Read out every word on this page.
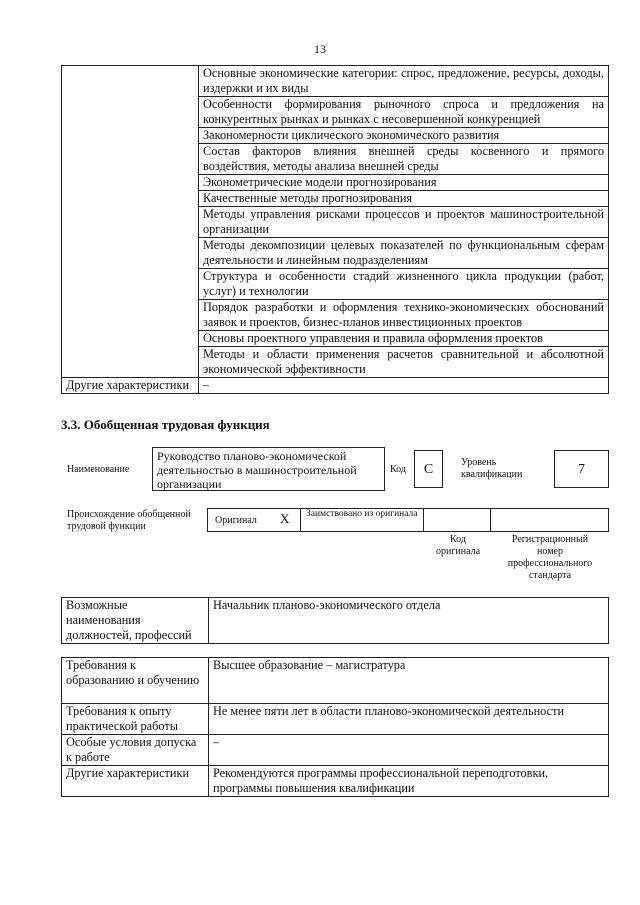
13
	Основные экономические категории: спрос, предложение, ресурсы, доходы, издержки и их виды
	Особенности формирования рыночного спроса и предложения на конкурентных рынках и рынках с несовершенной конкуренцией
	Закономерности циклического экономического развития
	Состав факторов влияния внешней среды косвенного и прямого воздействия, методы анализа внешней среды
	Эконометрические модели прогнозирования
	Качественные методы прогнозирования
	Методы управления рисками процессов и проектов машиностроительной организации
	Методы декомпозиции целевых показателей по функциональным сферам деятельности и линейным подразделениям
	Структура и особенности стадий жизненного цикла продукции (работ, услуг) и технологии
	Порядок разработки и оформления технико-экономических обоснований заявок и проектов, бизнес-планов инвестиционных проектов
	Основы проектного управления и правила оформления проектов
	Методы и области применения расчетов сравнительной и абсолютной экономической эффективности
Другие характеристики	–
3.3. Обобщенная трудовая функция
Наименование
Руководство планово-экономической деятельностью в машиностроительной организации
Код	C	Уровень квалификации	7
Происхождение обобщенной трудовой функции
Оригинал X Заимствовано из оригинала
Код оригинала
Регистрационный номер профессионального стандарта
Возможные наименования должностей, профессий	Начальник планово-экономического отдела
Требования к образованию и обучению	Высшее образование – магистратура
Требования к опыту практической работы	Не менее пяти лет в области планово-экономической деятельности
Особые условия допуска к работе	–
Другие характеристики	Рекомендуются программы профессиональной переподготовки, программы повышения квалификации
